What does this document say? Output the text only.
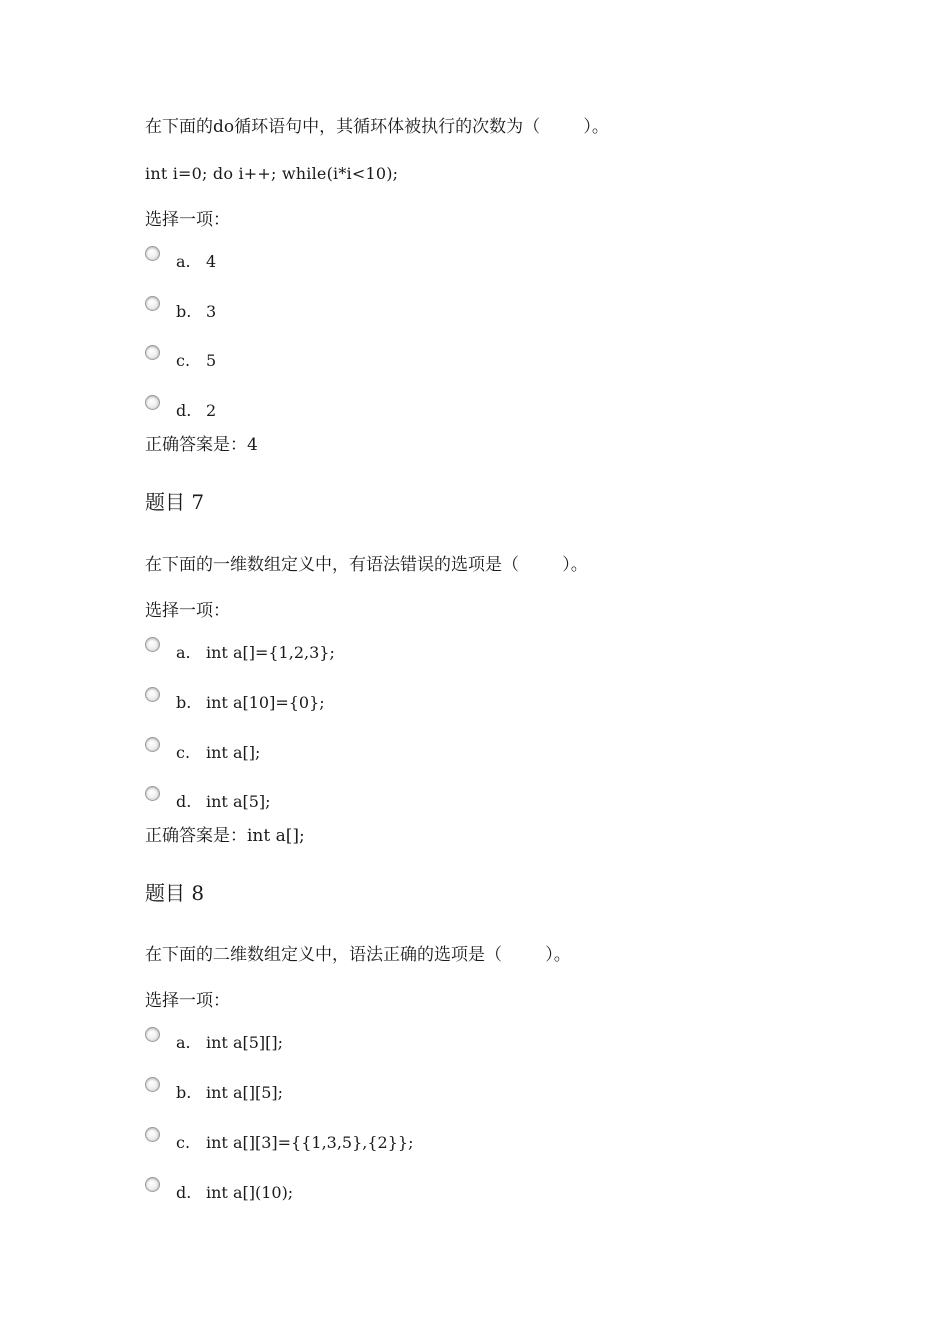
在下面的do循环语句中，其循环体被执行的次数为（        ）。
int i=0; do i++; while(i*i<10);
选择一项：

a.

4

b.

3

c.

5

d.

2

正确答案是：4
题目 7
在下面的一维数组定义中，有语法错误的选项是（        ）。
选择一项：

a.

int a[]={1,2,3};

b.

int a[10]={0};

c.

int a[];

d.

int a[5];

正确答案是：int a[];
题目 8
在下面的二维数组定义中，语法正确的选项是（        ）。
选择一项：

a.

int a[5][];

b.

int a[][5];

c.

int a[][3]={{1,3,5},{2}};

d.

int a[](10);
